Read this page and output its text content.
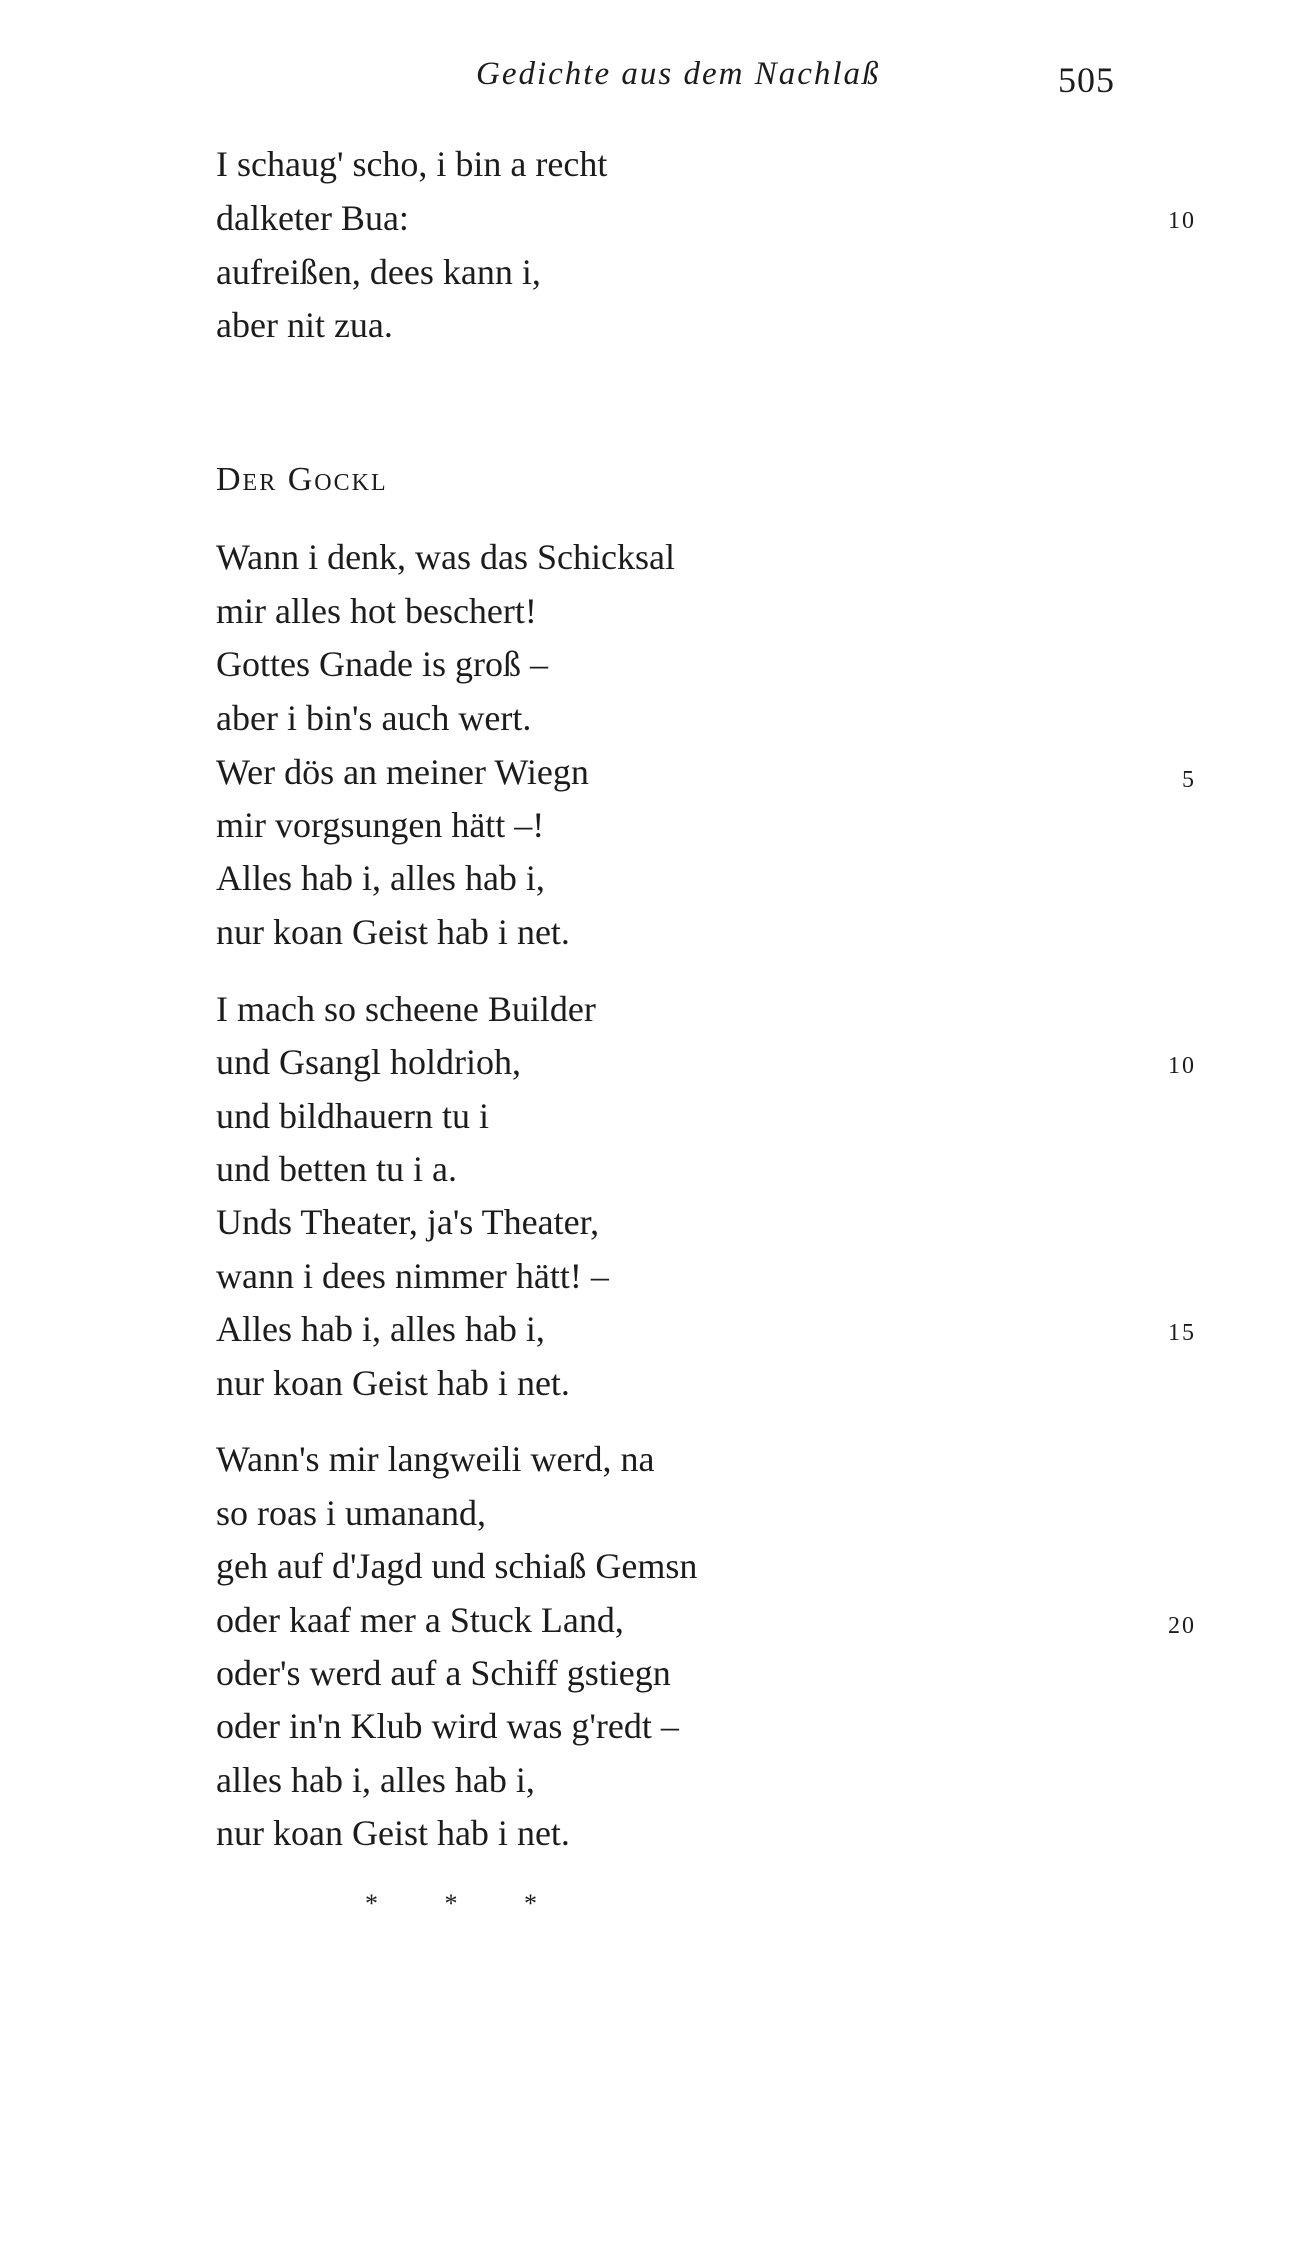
Gedichte aus dem Nachlaß	505
I schaug' scho, i bin a recht
dalketer Bua:
aufreißen, dees kann i,
aber nit zua.
10
Der Gockl
Wann i denk, was das Schicksal
mir alles hot beschert!
Gottes Gnade is groß –
aber i bin's auch wert.
Wer dös an meiner Wiegn
mir vorgsungen hätt –!
Alles hab i, alles hab i,
nur koan Geist hab i net.
5
I mach so scheene Builder
und Gsangl holdrioh,
und bildhauern tu i
und betten tu i a.
Unds Theater, ja's Theater,
wann i dees nimmer hätt! –
Alles hab i, alles hab i,
nur koan Geist hab i net.
10
15
Wann's mir langweili werd, na
so roas i umanand,
geh auf d'Jagd und schiaß Gemsn
oder kaaf mer a Stuck Land,
oder's werd auf a Schiff gstiegn
oder in'n Klub wird was g'redt –
alles hab i, alles hab i,
nur koan Geist hab i net.
20
* * *
